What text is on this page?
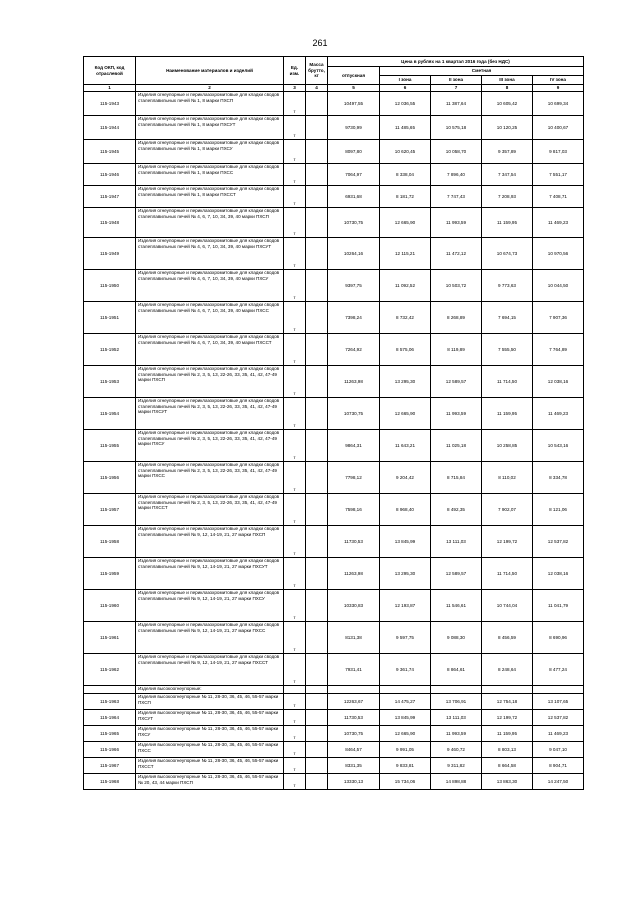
261
Код ОКП, код отраслевой	Наименование материалов и изделий	Ед. изм.	Масса брутто, кг	Цена в рублях на 1 квартал 2016 года (без НДС)				
				отпускная	Сметная			
					I зона	II зона	III зона	IV зона
1	2	3	4	5	6	7	8	9
115-1943	Изделия огнеупорные и периклазохромитовые для кладки сводов сталеплавильных печей № 1, 8 марки ПХСП	т		10497,55	12 036,55	11 387,64	10 605,42	10 699,34
115-1944	Изделия огнеупорные и периклазохромитовые для кладки сводов сталеплавильных печей № 1, 8 марки ПХСУТ	т		9730,99	11 485,65	10 575,18	10 120,25	10 400,67
115-1945	Изделия огнеупорные и периклазохромитовые для кладки сводов сталеплавильных печей № 1, 8 марки ПХСУ	т		8097,80	10 620,45	10 058,70	9 357,89	9 817,03
115-1946	Изделия огнеупорные и периклазохромитовые для кладки сводов сталеплавильных печей № 1, 8 марки ПХСС	т		7064,97	8 338,04	7 896,40	7 347,54	7 551,17
115-1947	Изделия огнеупорные и периклазохромитовые для кладки сводов сталеплавильных печей № 1, 8 марки ПХССТ	т		6931,68	8 181,72	7 747,43	7 208,93	7 408,71
115-1948	Изделия огнеупорные и периклазохромитовые для кладки сводов сталеплавильных печей № 4, 6, 7, 10, 34, 39, 40 марки ПХСП	т		10730,75	12 665,90	11 993,59	11 159,95	11 469,23
115-1949	Изделия огнеупорные и периклазохромитовые для кладки сводов сталеплавильных печей № 4, 6, 7, 10, 34, 39, 40 марки ПХСУТ	т		10264,16	12 115,21	11 472,12	10 674,73	10 970,56
115-1950	Изделия огнеупорные и периклазохромитовые для кладки сводов сталеплавильных печей № 4, 6, 7, 10, 34, 39, 40 марки ПХСУ	т		9397,75	11 092,52	10 503,72	9 773,63	10 044,50
115-1951	Изделия огнеупорные и периклазохромитовые для кладки сводов сталеплавильных печей № 4, 6, 7, 10, 34, 39, 40 марки ПХСС	т		7398,24	8 732,42	8 268,89	7 694,15	7 907,36
115-1952	Изделия огнеупорные и периклазохромитовые для кладки сводов сталеплавильных печей № 4, 6, 7, 10, 34, 39, 40 марки ПХССТ	т		7264,92	8 575,06	8 119,89	7 555,50	7 764,89
115-1953	Изделия огнеупорные и периклазохромитовые для кладки сводов сталеплавильных печей № 2, 3, 5, 13, 22-26, 33, 35, 41, 42, 47-49 марки ПХСП	т		11263,98	13 295,30	12 589,57	11 714,50	12 038,16
115-1954	Изделия огнеупорные и периклазохромитовые для кладки сводов сталеплавильных печей № 2, 3, 5, 13, 22-26, 33, 35, 41, 42, 47-49 марки ПХСУТ	т		10730,75	12 665,90	11 993,59	11 159,95	11 469,23
115-1955	Изделия огнеупорные и периклазохромитовые для кладки сводов сталеплавильных печей № 2, 3, 5, 13, 22-26, 33, 35, 41, 42, 47-49 марки ПХСУ	т		9864,31	11 643,21	11 025,18	10 258,85	10 543,16
115-1956	Изделия огнеупорные и периклазохромитовые для кладки сводов сталеплавильных печей № 2, 3, 5, 13, 22-26, 33, 35, 41, 42, 47-49 марки ПХСС	т		7798,12	9 204,42	8 715,84	8 110,02	8 334,78
115-1957	Изделия огнеупорные и периклазохромитовые для кладки сводов сталеплавильных печей № 2, 3, 5, 13, 22-26, 33, 35, 41, 42, 47-49 марки ПХССТ	т		7598,16	8 968,40	8 492,35	7 902,07	8 121,06
115-1958	Изделия огнеупорные и периклазохромитовые для кладки сводов сталеплавильных печей № 9, 12, 14-19, 21, 27 марки ПХСП	т		11730,53	13 845,99	13 111,03	12 199,72	12 537,82
115-1959	Изделия огнеупорные и периклазохромитовые для кладки сводов сталеплавильных печей № 9, 12, 14-19, 21, 27 марки ПХСУТ	т		11263,98	13 295,30	12 589,57	11 714,50	12 038,16
115-1960	Изделия огнеупорные и периклазохромитовые для кладки сводов сталеплавильных печей № 9, 12, 14-19, 21, 27 марки ПХСУ	т		10330,83	12 193,87	11 546,61	10 744,04	11 041,79
115-1961	Изделия огнеупорные и периклазохромитовые для кладки сводов сталеплавильных печей № 9, 12, 14-19, 21, 27 марки ПХСС	т		8131,38	9 597,75	9 088,30	8 456,59	8 690,96
115-1962	Изделия огнеупорные и периклазохромитовые для кладки сводов сталеплавильных печей № 9, 12, 14-19, 21, 27 марки ПХССТ	т		7931,41	9 361,74	8 864,61	8 248,64	8 477,24
	Изделия высокоогнеупорные:							
115-1963	Изделия высокоогнеупорные № 11, 28-30, 36, 45, 46, 55-57 марки ПХСП	т		12263,67	14 475,27	13 706,91	12 754,18	13 107,65
115-1964	Изделия высокоогнеупорные № 11, 28-30, 36, 45, 46, 55-57 марки ПХСУТ	т		11730,53	13 845,99	13 111,03	12 199,72	12 537,82
115-1965	Изделия высокоогнеупорные № 11, 28-30, 36, 45, 46, 55-57 марки ПХСУ	т		10730,75	12 665,90	11 993,59	11 159,95	11 469,23
115-1966	Изделия высокоогнеупорные № 11, 28-30, 36, 45, 46, 55-57 марки ПХСС	т		8464,57	9 991,05	9 460,72	8 803,13	9 047,10
115-1967	Изделия высокоогнеупорные № 11, 28-30, 36, 45, 46, 55-57 марки ПХССТ	т		8331,35	9 833,81	9 311,82	8 664,58	8 904,71
115-1968	Изделия высокоогнеупорные № 11, 28-30, 36, 45, 46, 55-57 марки № 20, 43, 44 марки ПХСП	т		13330,13	15 734,06	14 898,88	13 863,30	14 247,50
